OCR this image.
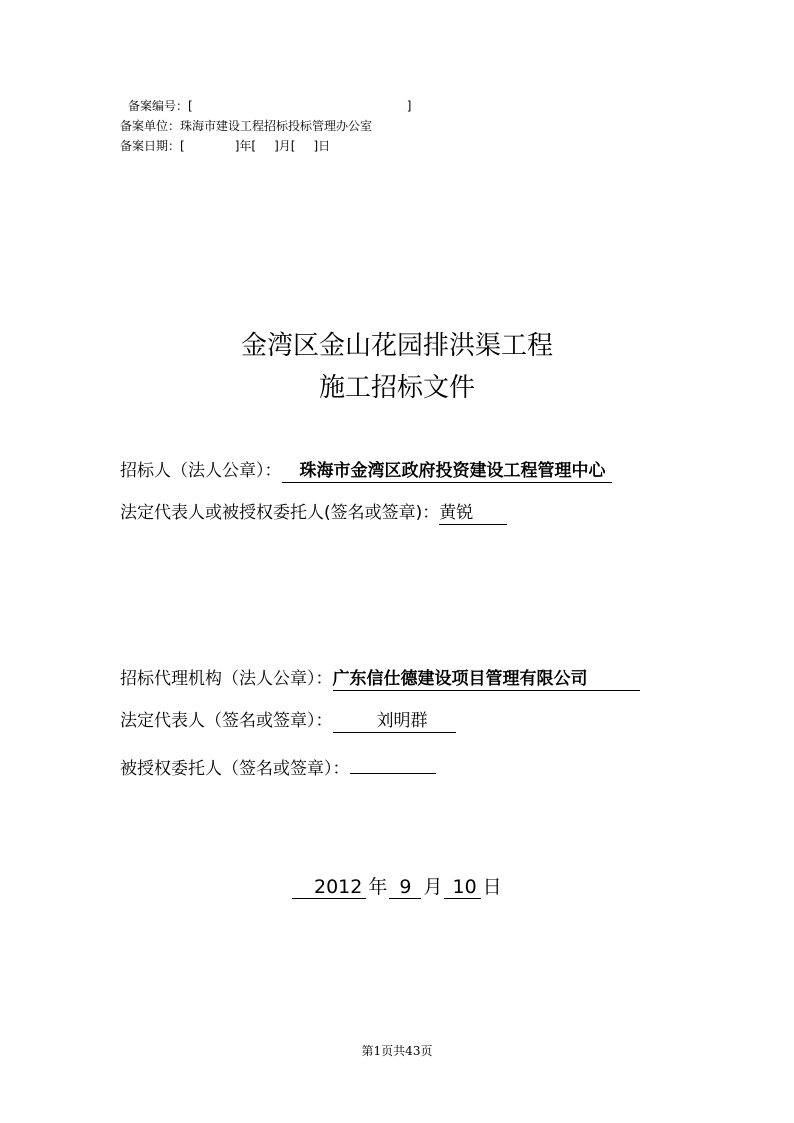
备案编号：[	]
备案单位：珠海市建设工程招标投标管理办公室
备案日期：[	]年[ ]月[ ]日
金湾区金山花园排洪渠工程
施工招标文件
招标人（法人公章）： 珠海市金湾区政府投资建设工程管理中心
法定代表人或被授权委托人(签名或签章)：黄锐
招标代理机构（法人公章）：广东信仕德建设项目管理有限公司
法定代表人（签名或签章）：	刘明群
被授权委托人（签名或签章）：
2012 年 9 月 10 日
第1页共43页
